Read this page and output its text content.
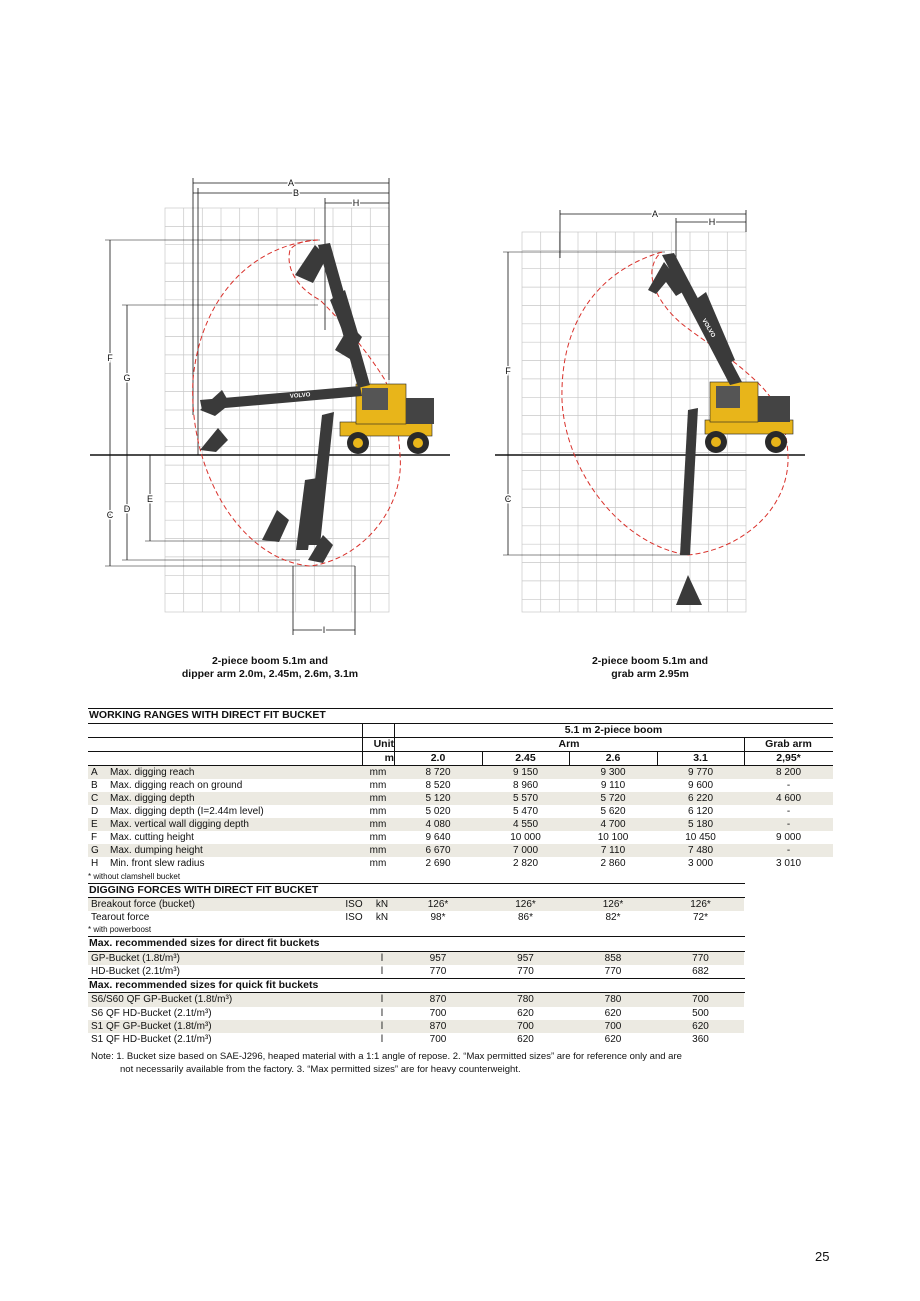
A
B
H
F
G
E
D
C
I
VOLVO
A
H
F
C
VOLVO
2-piece boom 5.1m and
dipper arm 2.0m, 2.45m, 2.6m, 3.1m
2-piece boom 5.1m and
grab arm 2.95m
WORKING RANGES WITH DIRECT FIT BUCKET
5.1 m 2-piece boom
Unit	Arm	Grab arm
m	2.0	2.45	2.6	3.1	2,95*
A Max. digging reach	mm	8 720	9 150	9 300	9 770	8 200
B Max. digging reach on ground	mm	8 520	8 960	9 110	9 600	-
C Max. digging depth	mm	5 120	5 570	5 720	6 220	4 600
D Max. digging depth (I=2.44m level)	mm	5 020	5 470	5 620	6 120	-
E Max. vertical wall digging depth	mm	4 080	4 550	4 700	5 180	-
F Max. cutting height	mm	9 640	10 000	10 100	10 450	9 000
G Max. dumping height	mm	6 670	7 000	7 110	7 480	-
H Min. front slew radius	mm	2 690	2 820	2 860	3 000	3 010
* without clamshell bucket
DIGGING FORCES WITH DIRECT FIT BUCKET
Breakout force (bucket)	ISO	kN	126*	126*	126*	126*
Tearout force	ISO	kN	98*	86*	82*	72*
* with powerboost
Max. recommended sizes for direct fit buckets
GP-Bucket (1.8t/m³)	l	957	957	858	770
HD-Bucket (2.1t/m³)	l	770	770	770	682
Max. recommended sizes for quick fit buckets
S6/S60 QF GP-Bucket (1.8t/m³)	l	870	780	780	700
S6 QF HD-Bucket (2.1t/m³)	l	700	620	620	500
S1 QF GP-Bucket (1.8t/m³)	l	870	700	700	620
S1 QF HD-Bucket (2.1t/m³)	l	700	620	620	360
Note: 1. Bucket size based on SAE-J296, heaped material with a 1:1 angle of repose. 2. “Max permitted sizes” are for reference only and are
not necessarily available from the factory. 3. “Max permitted sizes” are for heavy counterweight.
25
